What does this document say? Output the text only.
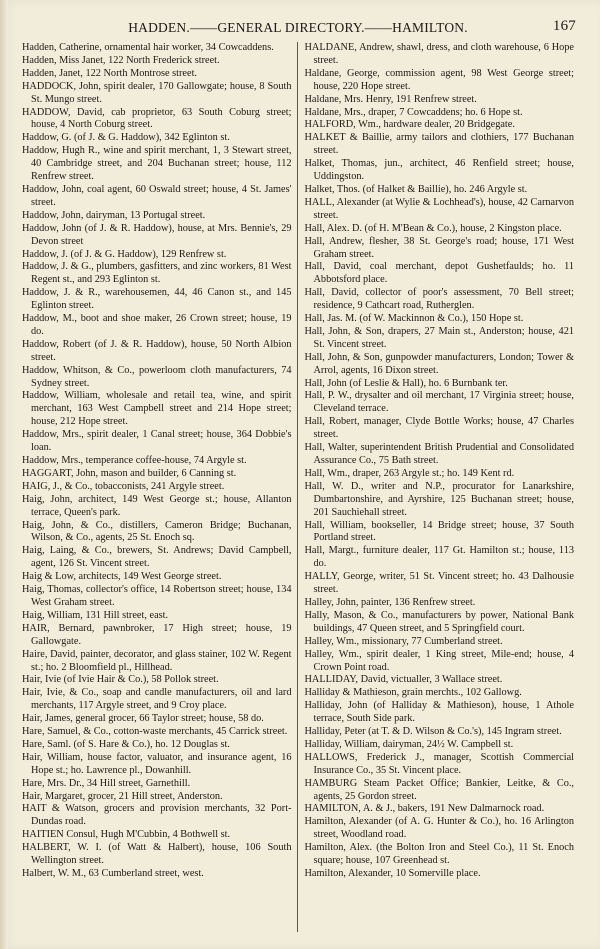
HADDEN.——GENERAL DIRECTORY.——HAMILTON.	167

Hadden, Catherine, ornamental hair worker, 34 Cowcaddens.

Hadden, Miss Janet, 122 North Frederick street.

Hadden, Janet, 122 North Montrose street.

HADDOCK, John, spirit dealer, 170 Gallowgate; house, 8 South St. Mungo street.

HADDOW, David, cab proprietor, 63 South Coburg street; house, 4 North Coburg street.

Haddow, G. (of J. & G. Haddow), 342 Eglinton st.

Haddow, Hugh R., wine and spirit merchant, 1, 3 Stewart street, 40 Cambridge street, and 204 Buchanan street; house, 112 Renfrew street.

Haddow, John, coal agent, 60 Oswald street; house, 4 St. James' street.

Haddow, John, dairyman, 13 Portugal street.

Haddow, John (of J. & R. Haddow), house, at Mrs. Bennie's, 29 Devon street

Haddow, J. (of J. & G. Haddow), 129 Renfrew st.

Haddow, J. & G., plumbers, gasfitters, and zinc workers, 81 West Regent st., and 293 Eglinton st.

Haddow, J. & R., warehousemen, 44, 46 Canon st., and 145 Eglinton street.

Haddow, M., boot and shoe maker, 26 Crown street; house, 19 do.

Haddow, Robert (of J. & R. Haddow), house, 50 North Albion street.

Haddow, Whitson, & Co., powerloom cloth manufacturers, 74 Sydney street.

Haddow, William, wholesale and retail tea, wine, and spirit merchant, 163 West Campbell street and 214 Hope street; house, 212 Hope street.

Haddow, Mrs., spirit dealer, 1 Canal street; house, 364 Dobbie's loan.

Haddow, Mrs., temperance coffee-house, 74 Argyle st.

HAGGART, John, mason and builder, 6 Canning st.

HAIG, J., & Co., tobacconists, 241 Argyle street.

Haig, John, architect, 149 West George st.; house, Allanton terrace, Queen's park.

Haig, John, & Co., distillers, Cameron Bridge; Buchanan, Wilson, & Co., agents, 25 St. Enoch sq.

Haig, Laing, & Co., brewers, St. Andrews; David Campbell, agent, 126 St. Vincent street.

Haig & Low, architects, 149 West George street.

Haig, Thomas, collector's office, 14 Robertson street; house, 134 West Graham street.

Haig, William, 131 Hill street, east.

HAIR, Bernard, pawnbroker, 17 High street; house, 19 Gallowgate.

Haire, David, painter, decorator, and glass stainer, 102 W. Regent st.; ho. 2 Bloomfield pl., Hillhead.

Hair, Ivie (of Ivie Hair & Co.), 58 Pollok street.

Hair, Ivie, & Co., soap and candle manufacturers, oil and lard merchants, 117 Argyle street, and 9 Croy place.

Hair, James, general grocer, 66 Taylor street; house, 58 do.

Hare, Samuel, & Co., cotton-waste merchants, 45 Carrick street.

Hare, Saml. (of S. Hare & Co.), ho. 12 Douglas st.

Hair, William, house factor, valuator, and insurance agent, 16 Hope st.; ho. Lawrence pl., Dowanhill.

Hare, Mrs. Dr., 34 Hill street, Garnethill.

Hair, Margaret, grocer, 21 Hill street, Anderston.

HAIT & Watson, grocers and provision merchants, 32 Port-Dundas road.

HAITIEN Consul, Hugh M'Cubbin, 4 Bothwell st.

HALBERT, W. I. (of Watt & Halbert), house, 106 South Wellington street.

Halbert, W. M., 63 Cumberland street, west.

HALDANE, Andrew, shawl, dress, and cloth warehouse, 6 Hope street.

Haldane, George, commission agent, 98 West George street; house, 220 Hope street.

Haldane, Mrs. Henry, 191 Renfrew street.

Haldane, Mrs., draper, 7 Cowcaddens; ho. 6 Hope st.

HALFORD, Wm., hardware dealer, 20 Bridgegate.

HALKET & Baillie, army tailors and clothiers, 177 Buchanan street.

Halket, Thomas, jun., architect, 46 Renfield street; house, Uddingston.

Halket, Thos. (of Halket & Baillie), ho. 246 Argyle st.

HALL, Alexander (at Wylie & Lochhead's), house, 42 Carnarvon street.

Hall, Alex. D. (of H. M'Bean & Co.), house, 2 Kingston place.

Hall, Andrew, flesher, 38 St. George's road; house, 171 West Graham street.

Hall, David, coal merchant, depot Gushetfaulds; ho. 11 Abbotsford place.

Hall, David, collector of poor's assessment, 70 Bell street; residence, 9 Cathcart road, Rutherglen.

Hall, Jas. M. (of W. Mackinnon & Co.), 150 Hope st.

Hall, John, & Son, drapers, 27 Main st., Anderston; house, 421 St. Vincent street.

Hall, John, & Son, gunpowder manufacturers, London; Tower & Arrol, agents, 16 Dixon street.

Hall, John (of Leslie & Hall), ho. 6 Burnbank ter.

Hall, P. W., drysalter and oil merchant, 17 Virginia street; house, Cleveland terrace.

Hall, Robert, manager, Clyde Bottle Works; house, 47 Charles street.

Hall, Walter, superintendent British Prudential and Consolidated Assurance Co., 75 Bath street.

Hall, Wm., draper, 263 Argyle st.; ho. 149 Kent rd.

Hall, W. D., writer and N.P., procurator for Lanarkshire, Dumbartonshire, and Ayrshire, 125 Buchanan street; house, 201 Sauchiehall street.

Hall, William, bookseller, 14 Bridge street; house, 37 South Portland street.

Hall, Margt., furniture dealer, 117 Gt. Hamilton st.; house, 113 do.

HALLY, George, writer, 51 St. Vincent street; ho. 43 Dalhousie street.

Halley, John, painter, 136 Renfrew street.

Hally, Mason, & Co., manufacturers by power, National Bank buildings, 47 Queen street, and 5 Springfield court.

Halley, Wm., missionary, 77 Cumberland street.

Halley, Wm., spirit dealer, 1 King street, Mile-end; house, 4 Crown Point road.

HALLIDAY, David, victualler, 3 Wallace street.

Halliday & Mathieson, grain merchts., 102 Gallowg.

Halliday, John (of Halliday & Mathieson), house, 1 Athole terrace, South Side park.

Halliday, Peter (at T. & D. Wilson & Co.'s), 145 Ingram street.

Halliday, William, dairyman, 24½ W. Campbell st.

HALLOWS, Frederick J., manager, Scottish Commercial Insurance Co., 35 St. Vincent place.

HAMBURG Steam Packet Office; Bankier, Leitke, & Co., agents, 25 Gordon street.

HAMILTON, A. & J., bakers, 191 New Dalmarnock road.

Hamilton, Alexander (of A. G. Hunter & Co.), ho. 16 Arlington street, Woodland road.

Hamilton, Alex. (the Bolton Iron and Steel Co.), 11 St. Enoch square; house, 107 Greenhead st.

Hamilton, Alexander, 10 Somerville place.
